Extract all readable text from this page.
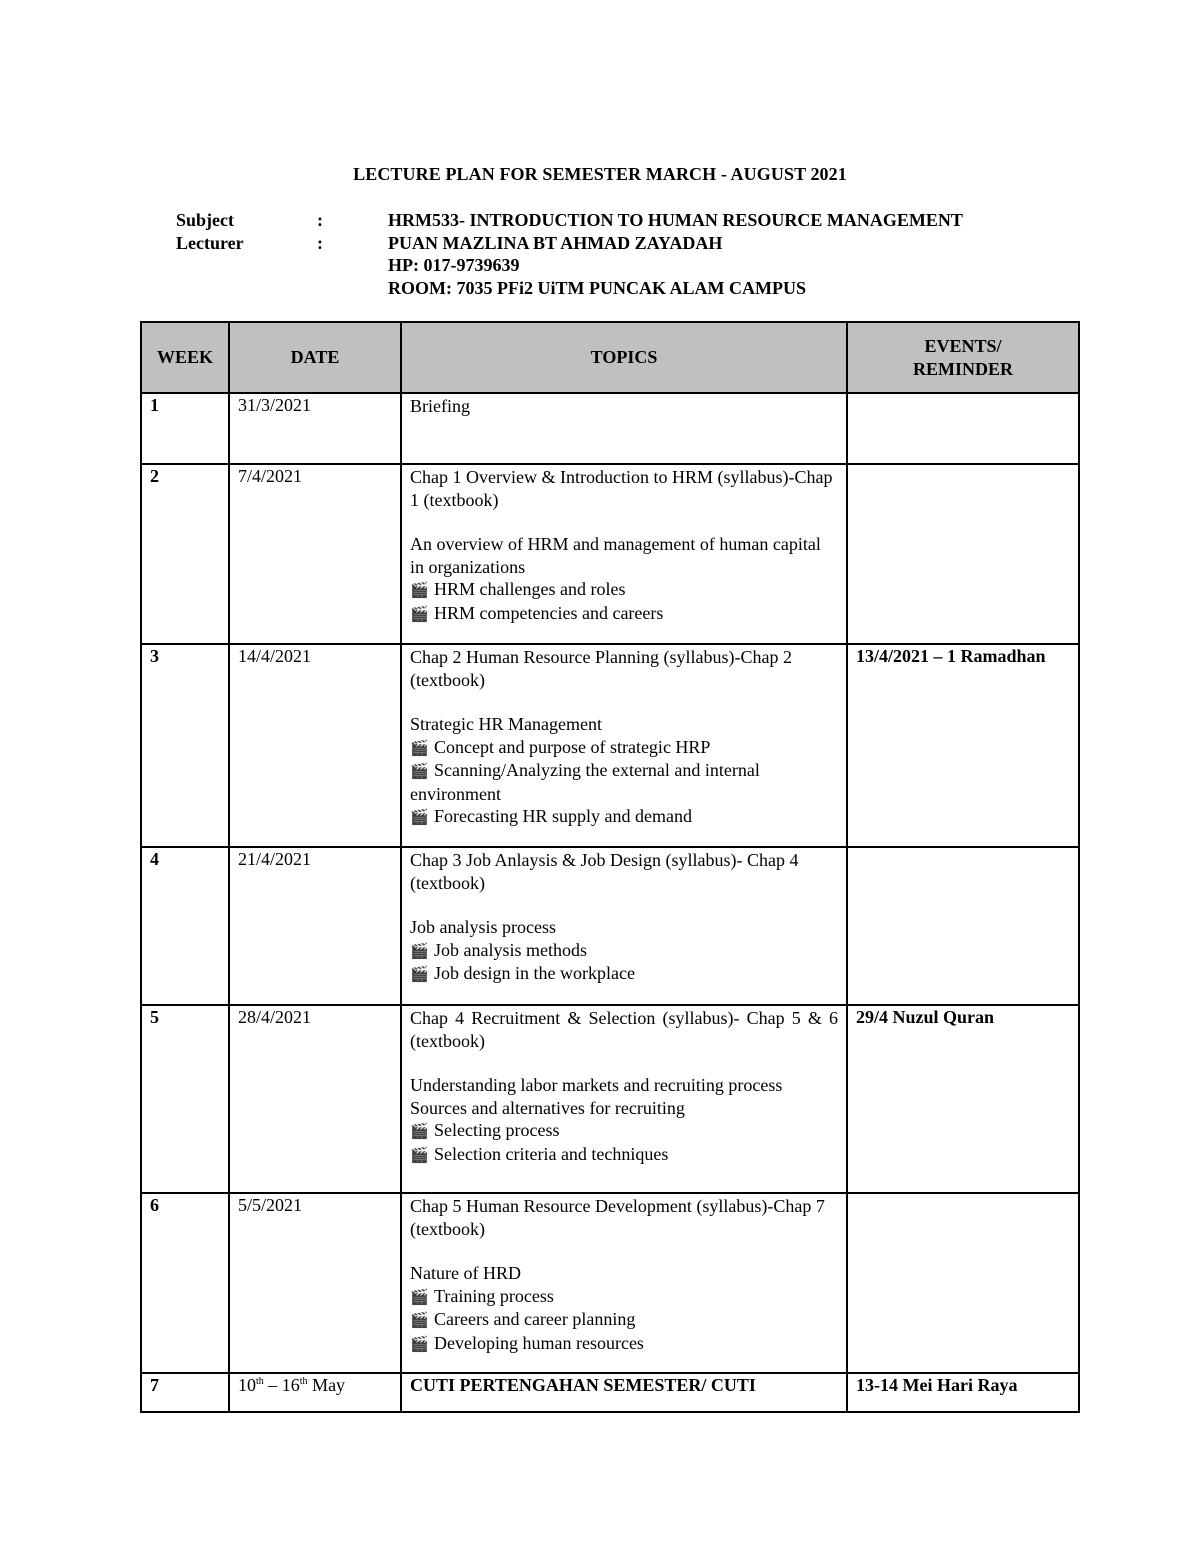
LECTURE PLAN FOR SEMESTER MARCH - AUGUST 2021
Subject	:	HRM533- INTRODUCTION TO HUMAN RESOURCE MANAGEMENT
Lecturer	:	PUAN MAZLINA BT AHMAD ZAYADAH
HP: 017-9739639
ROOM: 7035 PFi2 UiTM PUNCAK ALAM CAMPUS
WEEK	DATE	TOPICS	EVENTS/
REMINDER
1	31/3/2021	Briefing	

2	7/4/2021	Chap 1 Overview & Introduction to HRM (syllabus)-Chap 1 (textbook)
An overview of HRM and management of human capital in organizations
🎬 HRM challenges and roles
🎬 HRM competencies and careers	

3	14/4/2021	Chap 2 Human Resource Planning (syllabus)-Chap 2 (textbook)
Strategic HR Management
🎬 Concept and purpose of strategic HRP
🎬 Scanning/Analyzing the external and internal environment
🎬 Forecasting HR supply and demand	13/4/2021 – 1 Ramadhan
4	21/4/2021	Chap 3 Job Anlaysis & Job Design (syllabus)- Chap 4 (textbook)
Job analysis process
🎬 Job analysis methods
🎬 Job design in the workplace	

5	28/4/2021	Chap 4 Recruitment & Selection (syllabus)- Chap 5 & 6 (textbook)
Understanding labor markets and recruiting process
Sources and alternatives for recruiting
🎬 Selecting process
🎬 Selection criteria and techniques	29/4 Nuzul Quran
6	5/5/2021	Chap 5 Human Resource Development (syllabus)-Chap 7 (textbook)
Nature of HRD
🎬 Training process
🎬 Careers and career planning
🎬 Developing human resources	

7	10th – 16th May	CUTI PERTENGAHAN SEMESTER/ CUTI	13-14 Mei Hari Raya
